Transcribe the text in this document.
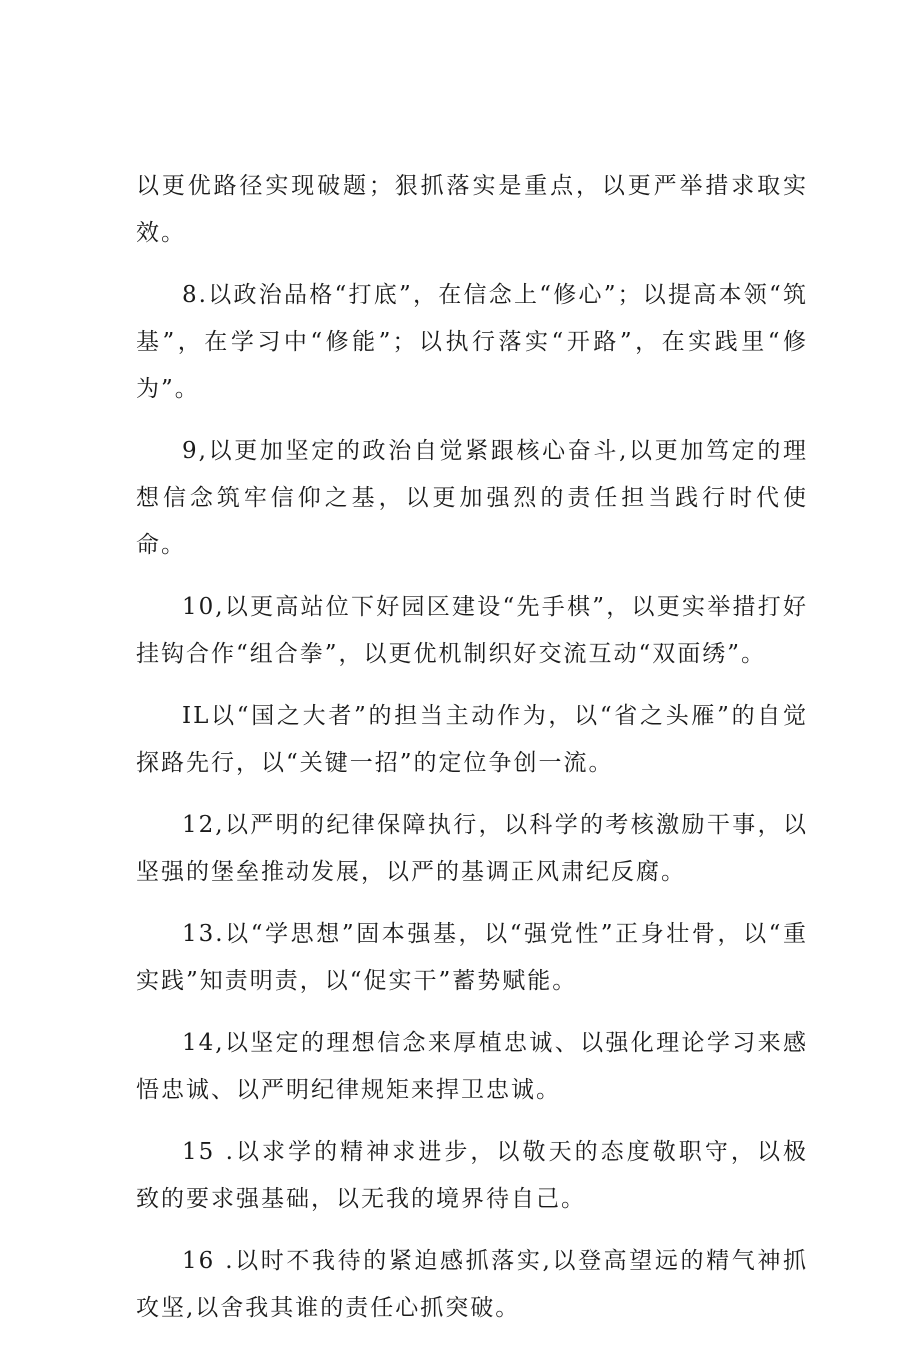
以更优路径实现破题；狠抓落实是重点，以更严举措求取实效。

8.以政治品格“打底”，在信念上“修心”；以提高本领“筑基”，在学习中“修能”；以执行落实“开路”，在实践里“修为”。

9,以更加坚定的政治自觉紧跟核心奋斗,以更加笃定的理想信念筑牢信仰之基，以更加强烈的责任担当践行时代使命。

10,以更高站位下好园区建设“先手棋”，以更实举措打好挂钩合作“组合拳”，以更优机制织好交流互动“双面绣”。

IL以“国之大者”的担当主动作为，以“省之头雁”的自觉探路先行，以“关键一招”的定位争创一流。

12,以严明的纪律保障执行，以科学的考核激励干事，以坚强的堡垒推动发展，以严的基调正风肃纪反腐。

13.以“学思想”固本强基，以“强党性”正身壮骨，以“重实践”知责明责，以“促实干”蓄势赋能。

14,以坚定的理想信念来厚植忠诚、以强化理论学习来感悟忠诚、以严明纪律规矩来捍卫忠诚。

15 .以求学的精神求进步，以敬天的态度敬职守，以极致的要求强基础，以无我的境界待自己。

16 .以时不我待的紧迫感抓落实,以登高望远的精气神抓攻坚,以舍我其谁的责任心抓突破。
